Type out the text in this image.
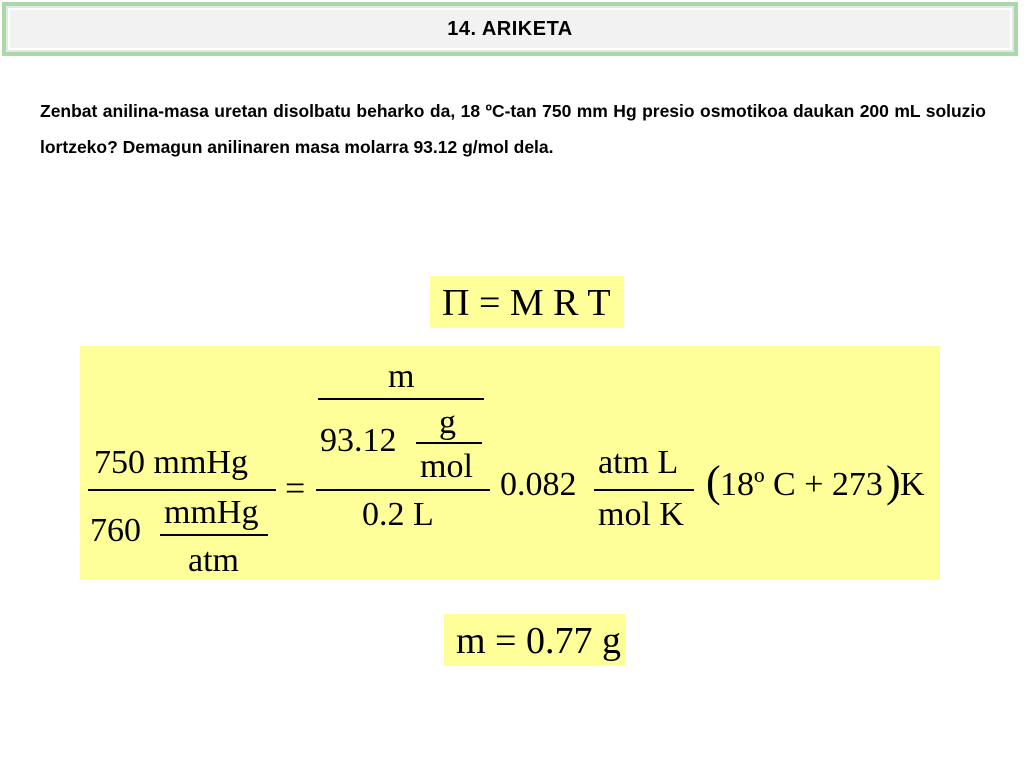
14. ARIKETA
Zenbat anilina-masa uretan disolbatu beharko da, 18 ºC-tan 750 mm Hg presio osmotikoa daukan 200 mL soluzio lortzeko? Demagun anilinaren masa molarra 93.12 g/mol dela.
Π = M R T
750 mmHg
760 mmHg
atm
=
m
93.12 g
mol
0.2 L
0.082
atm L
mol K
( 18º C + 273 ) K
m = 0.77 g
